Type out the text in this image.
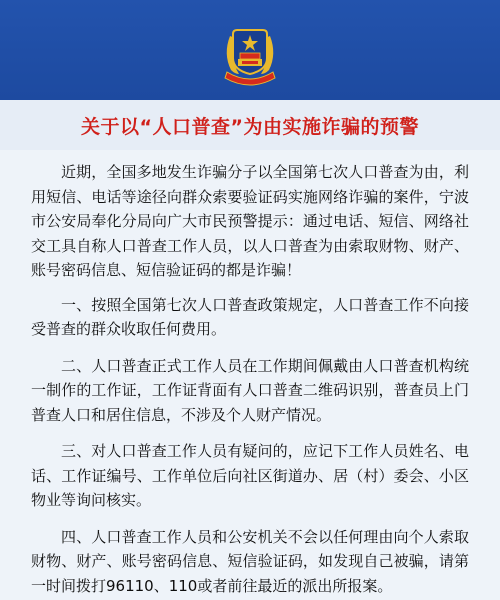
关于以“人口普查”为由实施诈骗的预警

近期，全国多地发生诈骗分子以全国第七次人口普查为由，利用短信、电话等途径向群众索要验证码实施网络诈骗的案件，宁波市公安局奉化分局向广大市民预警提示：通过电话、短信、网络社交工具自称人口普查工作人员，以人口普查为由索取财物、财产、账号密码信息、短信验证码的都是诈骗！

一、按照全国第七次人口普查政策规定，人口普查工作不向接受普查的群众收取任何费用。

二、人口普查正式工作人员在工作期间佩戴由人口普查机构统一制作的工作证，工作证背面有人口普查二维码识别，普查员上门普查人口和居住信息，不涉及个人财产情况。

三、对人口普查工作人员有疑问的，应记下工作人员姓名、电话、工作证编号、工作单位后向社区街道办、居（村）委会、小区物业等询问核实。

四、人口普查工作人员和公安机关不会以任何理由向个人索取财物、财产、账号密码信息、短信验证码，如发现自己被骗，请第一时间拨打96110、110或者前往最近的派出所报案。
